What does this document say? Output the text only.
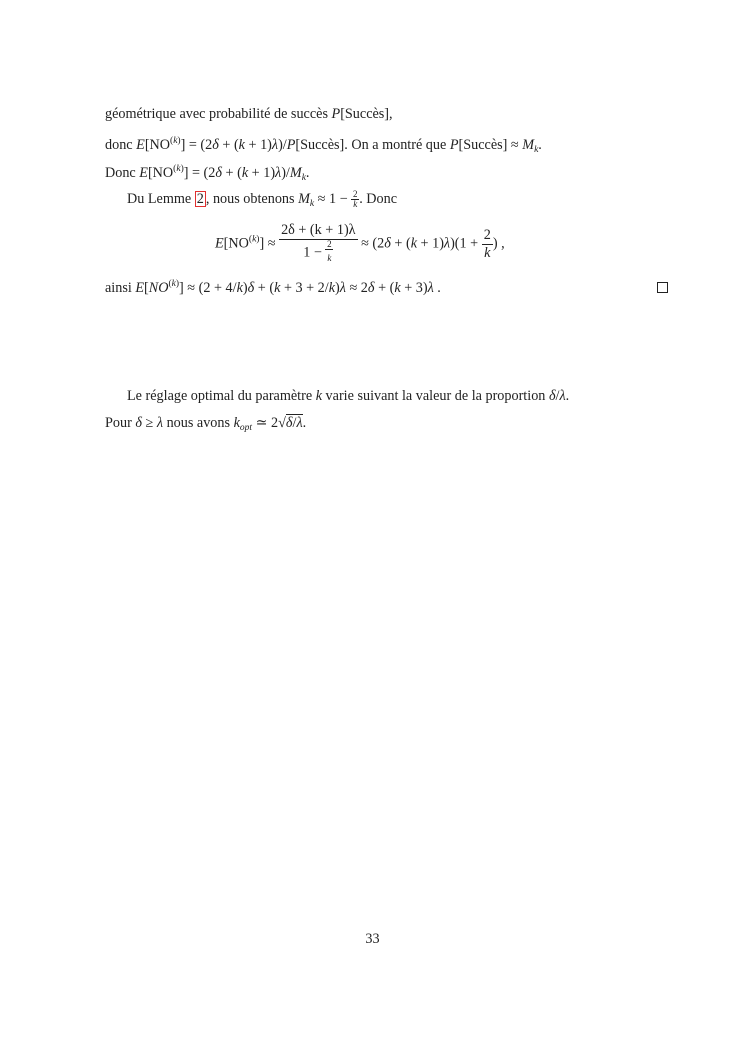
géométrique avec probabilité de succès P[Succès],
donc $E[NO^{(k)}] = (2\delta + (k$ + 1)λ)/P[Succès]. On a montré que P[Succès] ≈ $M_k$.
Donc $E[NO^{(k)}] = (2\delta + (k + 1)\lambda)/M_k$.
Du Lemme 2 , nous obtenons $M_k \approx 1 - \frac{2}{k}$ . Donc
$E[NO^{(k)}] \approx \frac{2\delta + (k + 1)\lambda}{1 - \frac{2}{k}} \approx (2\delta + (k + 1)\lambda)(1 + \frac{2}{k}$ ) ,
ainsi $E[NO^{(k)}] \approx (2 + 4/k)\delta + (k + 3 + 2/k)\lambda \approx 2\delta + (k + 3)\lambda$ .
Le réglage optimal du paramètre k varie suivant la valeur de la proportion δ/λ.
Pour δ ≥ λ nous avons $k_{opt}$ ≃ 2√δ/λ.
33
